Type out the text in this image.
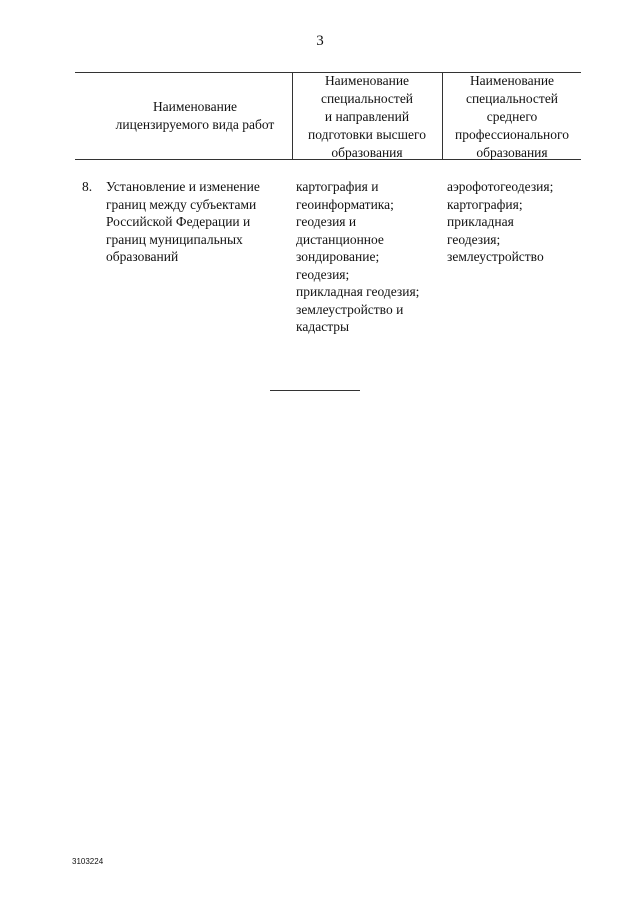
3
Наименование
лицензируемого вида работ
Наименование
специальностей
и направлений
подготовки высшего
образования
Наименование
специальностей
среднего
профессионального
образования
8.	Установление и изменение
границ между субъектами
Российской Федерации и
границ муниципальных
образований
картография и
геоинформатика;
геодезия и
дистанционное
зондирование;
геодезия;
прикладная геодезия;
землеустройство и
кадастры
аэрофотогеодезия;
картография;
прикладная
геодезия;
землеустройство
3103224
